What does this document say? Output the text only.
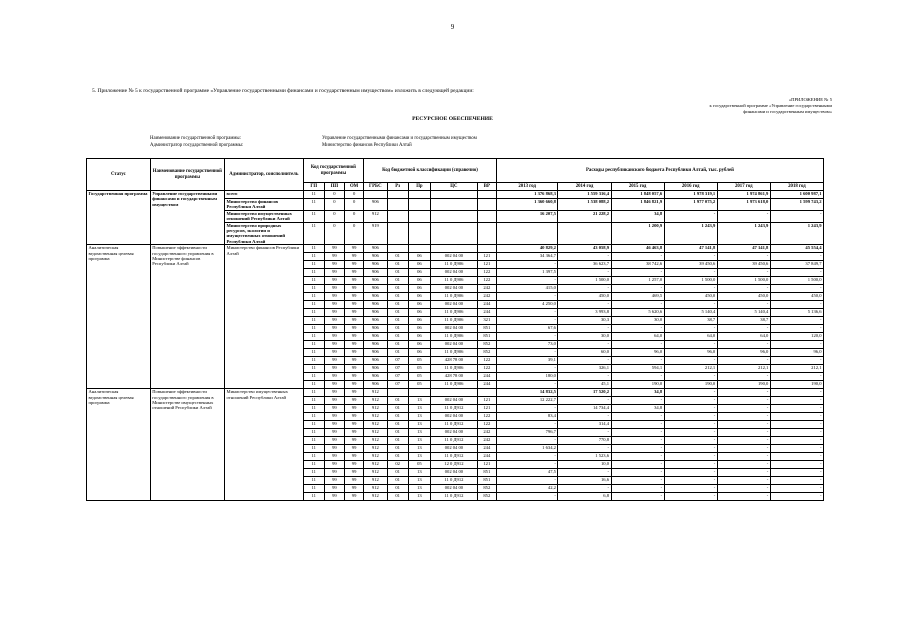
9
5. Приложение № 5 к государственной программе «Управление государственными финансами и государственным имуществом» изложить в следующей редакции:
«ПРИЛОЖЕНИЕ № 5
к государственной программе «Управление государственными
финансами и государственным имуществом»
РЕСУРСНОЕ ОБЕСПЕЧЕНИЕ
Наименование государственной программы:	Управление государственными финансами и государственным имуществом
Администратор государственной программы:	Министерство финансов Республики Алтай
Статус	Наименование государственной программы	Администратор, соисполнитель	Код государственной программы			Код бюджетной классификации (справочно)					Расходы республиканского бюджета Республики Алтай, тыс. рублей					
			ГП	ПП	ОМ	ГРБС	Рз	Пр	ЦС	ВР	2013 год	2014 год	2015 год	2016 год	2017 год	2018 год
Государственная программа	Управление государственными финансами и государственным имуществом	всего	11	0	0						1 376 868,3	1 559 316,4	1 848 057,6	1 978 319,1	1 974 861,9	1 600 987,1
		Министерство финансов Республики Алтай	11	0	0	906					1 360 660,8	1 538 088,2	1 846 821,9	1 977 075,2	1 973 618,0	1 599 743,2
		Министерство имущественных отношений Республики Алтай	11	0	0	912					16 207,5	21 228,2	34,8	-	-	-
		Министерство природных ресурсов, экологии и имущественных отношений Республики Алтай	11	0	0	919							1 200,9	1 243,9	1 243,9	1 243,9
Аналитическая ведомственная целевая программа	Повышение эффективности государственного управления в Министерстве финансов Республики Алтай	Министерство финансов Республики Алтай	11	99	99	906					40 829,2	43 058,9	46 463,8	47 141,8	47 141,8	45 554,4
			11	99	99	906	01	06	002 04 00	121	34 364,7	-	-	-	-	-
			11	99	99	906	01	06	11 0 Д906	121	-	36 623,7	38 742,6	39 450,6	39 450,6	37 849,7
			11	99	99	906	01	06	002 04 00	122	1 397,5	-	-	-	-	-
			11	99	99	906	01	06	11 0 Д906	122	-	1 500,0	1 257,0	1 500,0	1 500,0	1 500,0
			11	99	99	906	01	06	002 04 00	242	415,0	-	-	-	-	-
			11	99	99	906	01	06	11 0 Д906	242	-	450,0	469,5	450,0	450,0	450,0
			11	99	99	906	01	06	002 04 00	244	4 250,0	-	-	-	-	-
			11	99	99	906	01	06	11 0 Д906	244	-	3 993,8	5 620,6	5 140,4	5 140,4	5 136,6
			11	99	99	906	01	06	11 0 Д906	321	-	30,3	30,0	38,7	38,7	-
			11	99	99	906	01	06	002 04 00	851	67,6	-	-	-	-	-
			11	99	99	906	01	06	11 0 Д906	851	-	30,0	64,0	64,0	64,0	120,0
			11	99	99	906	01	06	002 04 00	852	73,0	-	-	-	-	-
			11	99	99	906	01	06	11 0 Д906	852	-	60,0	96,0	96,0	96,0	96,0
			11	99	99	906	07	05	428 78 00	122	39,1	-	-	-	-	-
			11	99	99	906	07	05	11 0 Д906	122	-	326,1	594,1	212,1	212,1	212,1
			11	99	99	906	07	05	428 78 00	244	180,0	-	-	-	-	-
			11	99	99	906	07	05	11 0 Д906	244	-	45,1	190,0	190,0	190,0	190,0
Аналитическая ведомственная целевая программа	Повышение эффективности государственного управления в Министерстве имущественных отношений Республики Алтай	Министерство имущественных отношений Республики Алтай	11	99	99	912					14 832,5	17 520,2	34,8	-	-	-
			11	99	99	912	01	13	002 04 00	121	12 222,7	-	-	-	-	-
			11	99	99	912	01	13	11 0 Д912	121	-	14 734,4	34,8	-	-	-
			11	99	99	912	01	13	002 04 00	122	83,4	-	-	-	-	-
			11	99	99	912	01	13	11 0 Д912	122	-	314,4	-	-	-	-
			11	99	99	912	01	13	002 04 00	242	796,7	-	-	-	-	-
			11	99	99	912	01	13	11 0 Д912	242	-	770,8	-	-	-	-
			11	99	99	912	01	13	002 04 00	244	1 634,2	-	-	-	-	-
			11	99	99	912	01	13	11 0 Д912	244	-	1 523,6	-	-	-	-
			11	99	99	912	02	05	12 0 Д912	121	-	10,0	-	-	-	-
			11	99	99	912	01	13	002 04 00	851	47,5	-	-	-	-	-
			11	99	99	912	01	13	11 0 Д912	851	-	16,6	-	-	-	-
			11	99	99	912	01	13	002 04 00	852	42,2	-	-	-	-	-
			11	99	99	912	01	13	11 0 Д912	852	-	6,8	-	-	-	-
